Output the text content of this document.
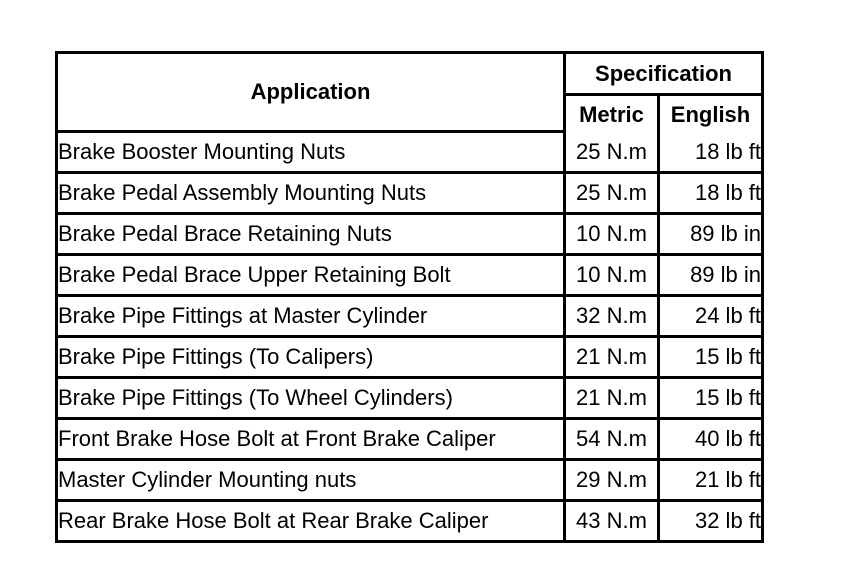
Application	Specification	
	Metric	English
Brake Booster Mounting Nuts	25 N.m	18 lb ft
Brake Pedal Assembly Mounting Nuts	25 N.m	18 lb ft
Brake Pedal Brace Retaining Nuts	10 N.m	89 lb in
Brake Pedal Brace Upper Retaining Bolt	10 N.m	89 lb in
Brake Pipe Fittings at Master Cylinder	32 N.m	24 lb ft
Brake Pipe Fittings (To Calipers)	21 N.m	15 lb ft
Brake Pipe Fittings (To Wheel Cylinders)	21 N.m	15 lb ft
Front Brake Hose Bolt at Front Brake Caliper	54 N.m	40 lb ft
Master Cylinder Mounting nuts	29 N.m	21 lb ft
Rear Brake Hose Bolt at Rear Brake Caliper	43 N.m	32 lb ft
